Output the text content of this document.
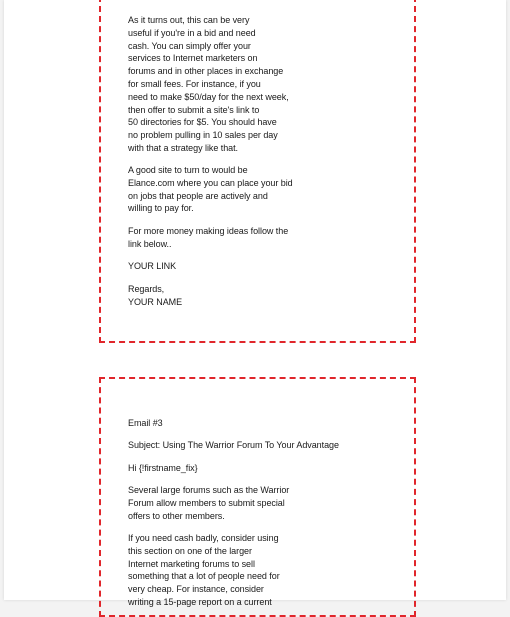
As it turns out, this can be very
useful if you're in a bid and need
cash. You can simply offer your
services to Internet marketers on
forums and in other places in exchange
for small fees. For instance, if you
need to make $50/day for the next week,
then offer to submit a site's link to
50 directories for $5. You should have
no problem pulling in 10 sales per day
with that a strategy like that.

A good site to turn to would be
Elance.com where you can place your bid
on jobs that people are actively and
willing to pay for.

For more money making ideas follow the
link below..

YOUR LINK

Regards,
YOUR NAME

Email #3

Subject: Using The Warrior Forum To Your Advantage

Hi {!firstname_fix}

Several large forums such as the Warrior
Forum allow members to submit special
offers to other members.

If you need cash badly, consider using
this section on one of the larger
Internet marketing forums to sell
something that a lot of people need for
very cheap. For instance, consider
writing a 15-page report on a current
